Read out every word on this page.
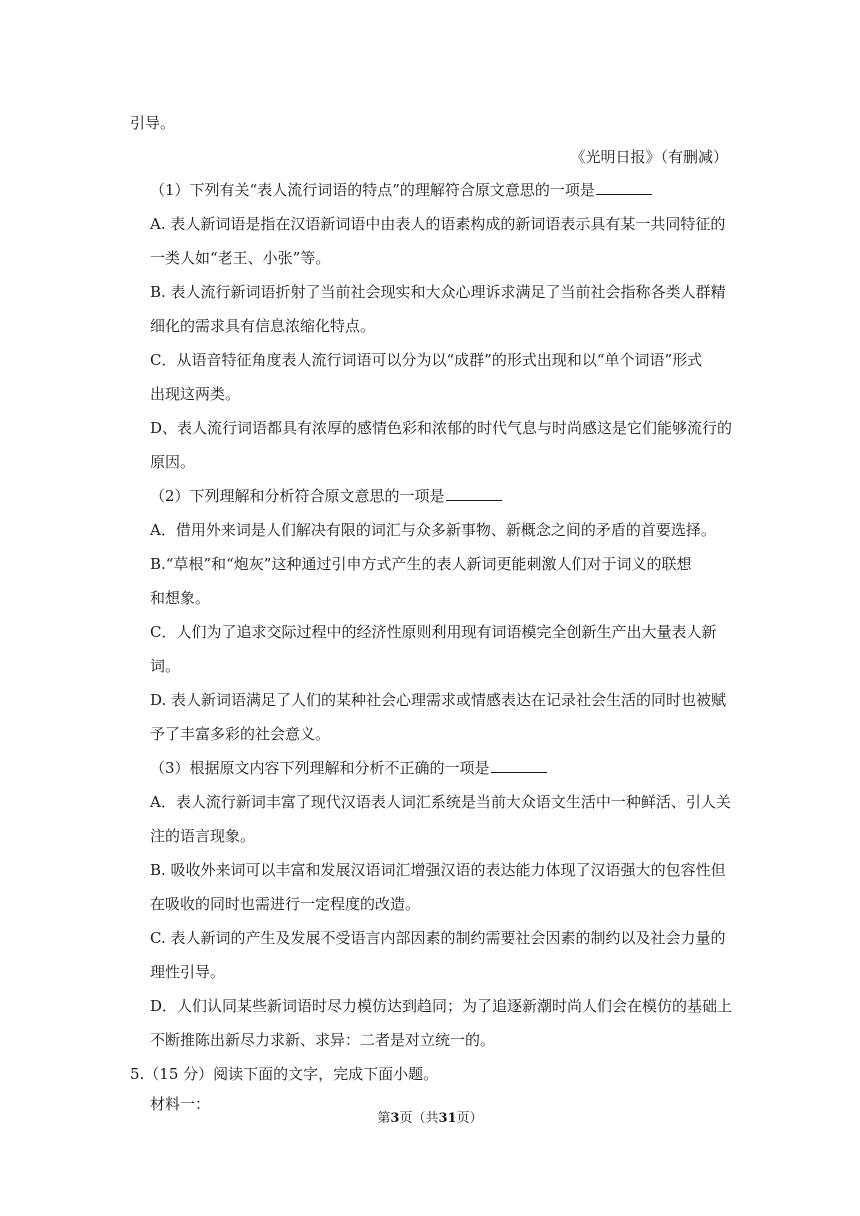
引导。
《光明日报》（有删减）
（1）下列有关“表人流行词语的特点”的理解符合原文意思的一项是
A. 表人新词语是指在汉语新词语中由表人的语素构成的新词语表示具有某一共同特征的
一类人如“老王、小张”等。
B. 表人流行新词语折射了当前社会现实和大众心理诉求满足了当前社会指称各类人群精
细化的需求具有信息浓缩化特点。
C．从语音特征角度表人流行词语可以分为以“成群”的形式出现和以“单个词语”形式
出现这两类。
D、表人流行词语都具有浓厚的感情色彩和浓郁的时代气息与时尚感这是它们能够流行的
原因。
（2）下列理解和分析符合原文意思的一项是
A．借用外来词是人们解决有限的词汇与众多新事物、新概念之间的矛盾的首要选择。
B.“草根”和“炮灰”这种通过引申方式产生的表人新词更能刺激人们对于词义的联想
和想象。
C．人们为了追求交际过程中的经济性原则利用现有词语模完全创新生产出大量表人新
词。
D. 表人新词语满足了人们的某种社会心理需求或情感表达在记录社会生活的同时也被赋
予了丰富多彩的社会意义。
（3）根据原文内容下列理解和分析不正确的一项是
A．表人流行新词丰富了现代汉语表人词汇系统是当前大众语文生活中一种鲜活、引人关
注的语言现象。
B. 吸收外来词可以丰富和发展汉语词汇增强汉语的表达能力体现了汉语强大的包容性但
在吸收的同时也需进行一定程度的改造。
C. 表人新词的产生及发展不受语言内部因素的制约需要社会因素的制约以及社会力量的
理性引导。
D．人们认同某些新词语时尽力模仿达到趋同；为了追逐新潮时尚人们会在模仿的基础上
不断推陈出新尽力求新、求异：二者是对立统一的。
5.（15 分）阅读下面的文字，完成下面小题。
材料一：
第3页（共31页）
